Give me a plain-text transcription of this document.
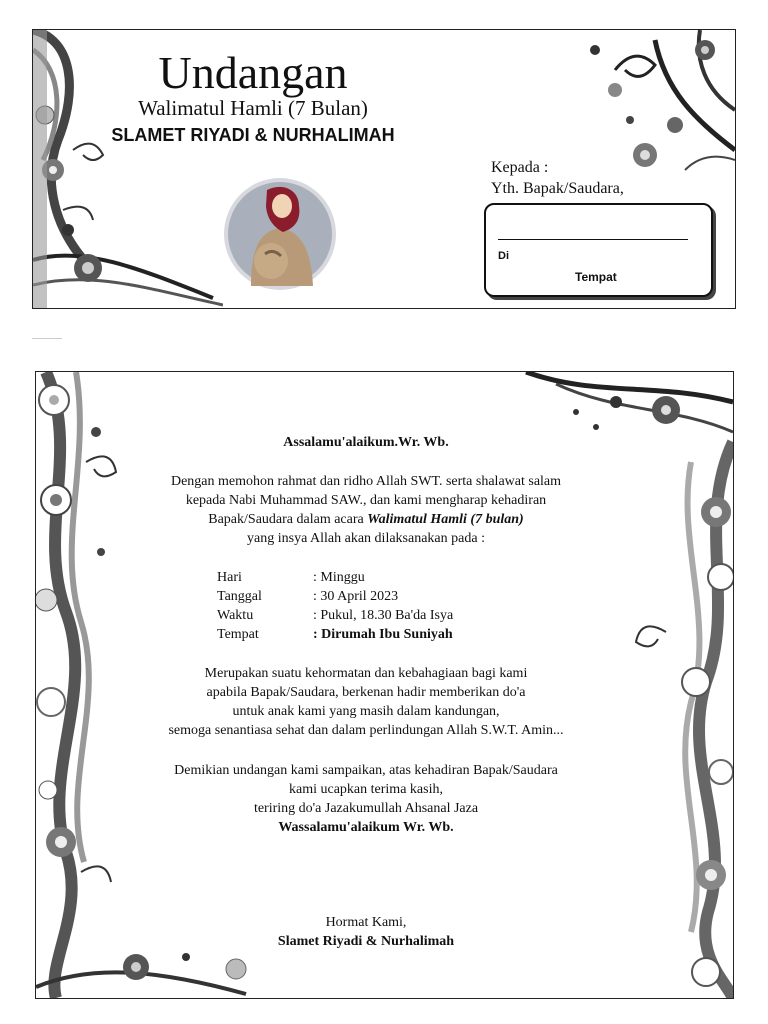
Undangan
Walimatul Hamli (7 Bulan)
SLAMET RIYADI & NURHALIMAH
Kepada :
Yth. Bapak/Saudara,
Di
Tempat
Assalamu'alaikum.Wr. Wb.
Dengan memohon rahmat dan ridho Allah SWT. serta shalawat salam
kepada Nabi Muhammad SAW., dan kami mengharap kehadiran
Bapak/Saudara dalam acara Walimatul Hamli (7 bulan)
yang insya Allah akan dilaksanakan pada :
Hari	: Minggu
Tanggal	: 30 April 2023
Waktu	: Pukul, 18.30 Ba'da Isya
Tempat	: Dirumah Ibu Suniyah
Merupakan suatu kehormatan dan kebahagiaan bagi kami
apabila Bapak/Saudara, berkenan hadir memberikan do'a
untuk anak kami yang masih dalam kandungan,
semoga senantiasa sehat dan dalam perlindungan Allah S.W.T. Amin...
Demikian undangan kami sampaikan, atas kehadiran Bapak/Saudara
kami ucapkan terima kasih,
teriring do'a Jazakumullah Ahsanal Jaza
Wassalamu'alaikum Wr. Wb.
Hormat Kami,
Slamet Riyadi & Nurhalimah
